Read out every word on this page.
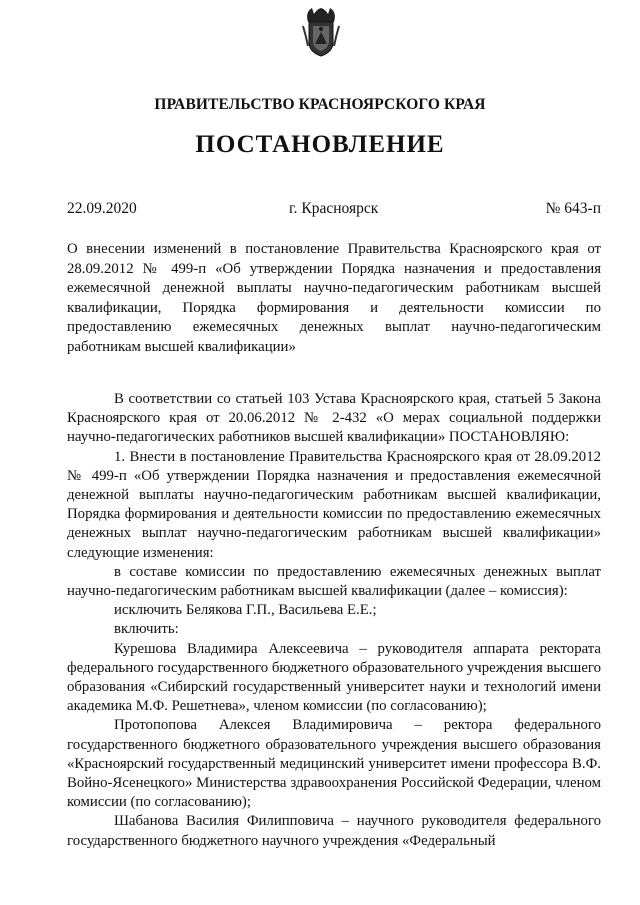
ПРАВИТЕЛЬСТВО КРАСНОЯРСКОГО КРАЯ
ПОСТАНОВЛЕНИЕ
22.09.2020	г. Красноярск	№ 643-п
О внесении изменений в постановление Правительства Красноярского края от 28.09.2012 № 499-п «Об утверждении Порядка назначения и предоставления ежемесячной денежной выплаты научно-педагогическим работникам высшей квалификации, Порядка формирования и деятельности комиссии по предоставлению ежемесячных денежных выплат научно-педагогическим работникам высшей квалификации»

В соответствии со статьей 103 Устава Красноярского края, статьей 5 Закона Красноярского края от 20.06.2012 № 2-432 «О мерах социальной поддержки научно-педагогических работников высшей квалификации» ПОСТАНОВЛЯЮ:

1. Внести в постановление Правительства Красноярского края от 28.09.2012 № 499-п «Об утверждении Порядка назначения и предоставления ежемесячной денежной выплаты научно-педагогическим работникам высшей квалификации, Порядка формирования и деятельности комиссии по предоставлению ежемесячных денежных выплат научно-педагогическим работникам высшей квалификации» следующие изменения:

в составе комиссии по предоставлению ежемесячных денежных выплат научно-педагогическим работникам высшей квалификации (далее – комиссия):

исключить Белякова Г.П., Васильева Е.Е.;

включить:

Курешова Владимира Алексеевича – руководителя аппарата ректората федерального государственного бюджетного образовательного учреждения высшего образования «Сибирский государственный университет науки и технологий имени академика М.Ф. Решетнева», членом комиссии (по согласованию);

Протопопова Алексея Владимировича – ректора федерального государственного бюджетного образовательного учреждения высшего образования «Красноярский государственный медицинский университет имени профессора В.Ф. Войно-Ясенецкого» Министерства здравоохранения Российской Федерации, членом комиссии (по согласованию);

Шабанова Василия Филипповича – научного руководителя федерального государственного бюджетного научного учреждения «Федеральный
